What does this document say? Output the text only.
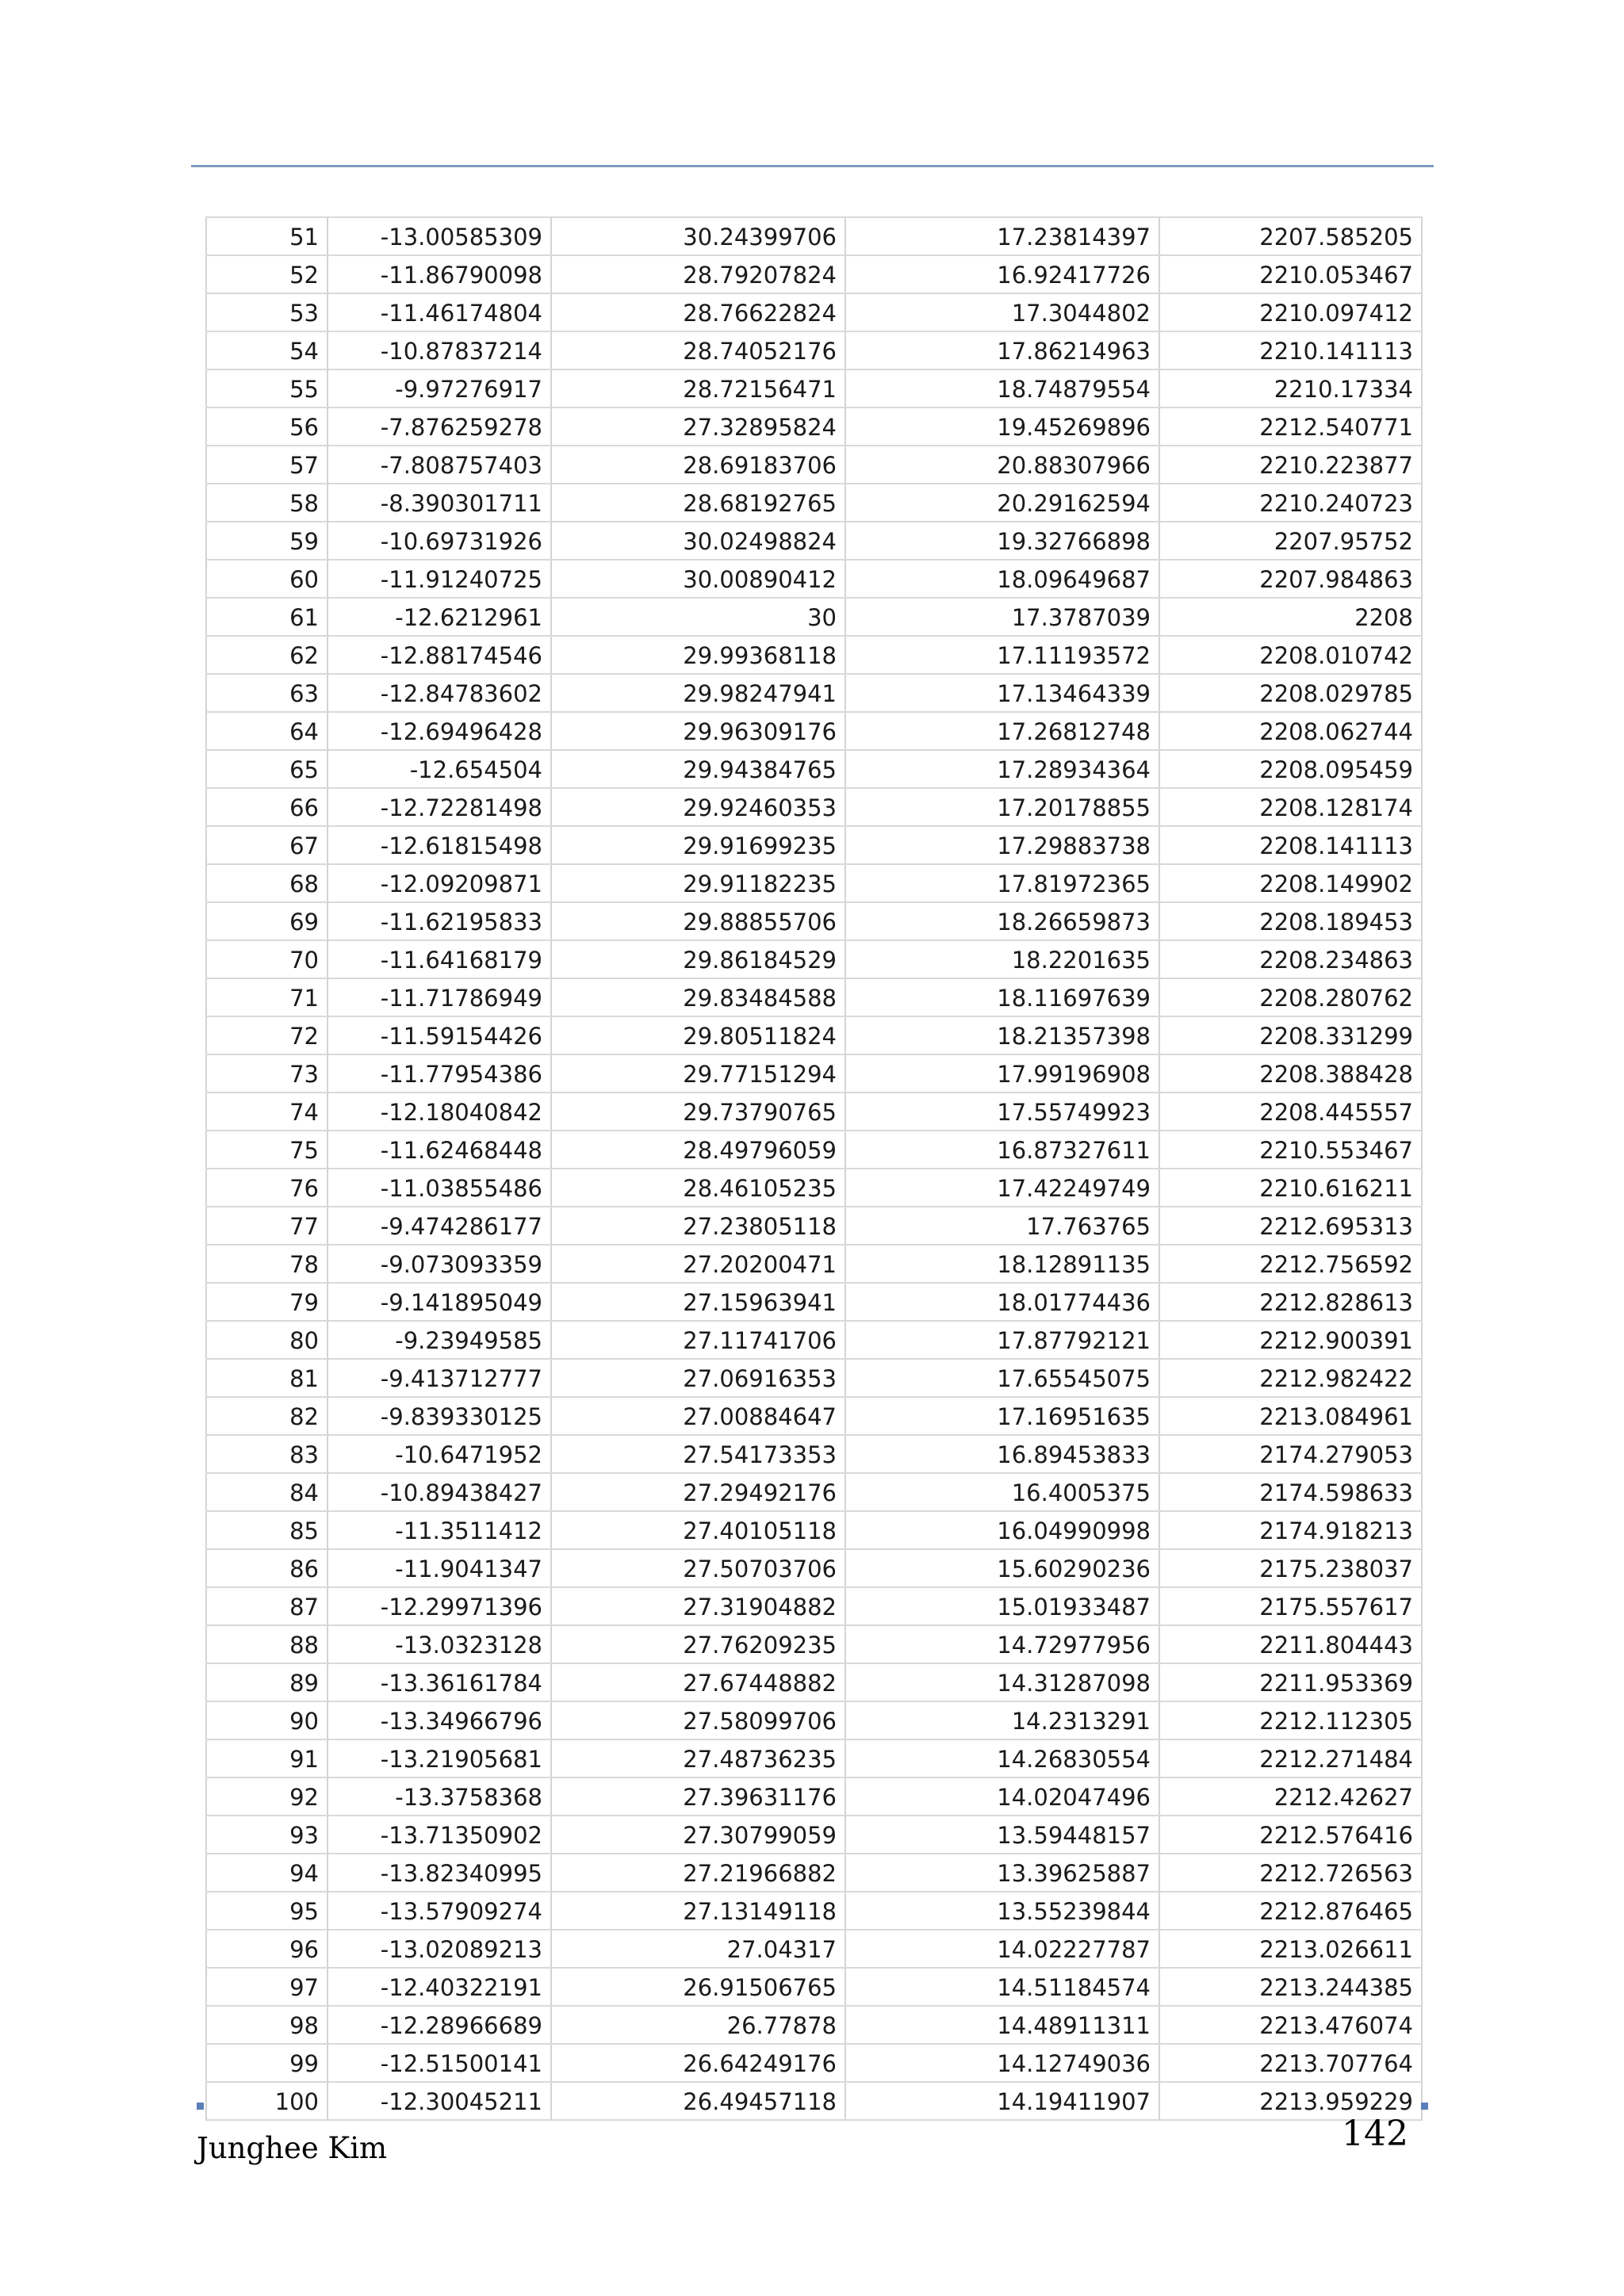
51	-13.00585309	30.24399706	17.23814397	2207.585205
52	-11.86790098	28.79207824	16.92417726	2210.053467
53	-11.46174804	28.76622824	17.3044802	2210.097412
54	-10.87837214	28.74052176	17.86214963	2210.141113
55	-9.97276917	28.72156471	18.74879554	2210.17334
56	-7.876259278	27.32895824	19.45269896	2212.540771
57	-7.808757403	28.69183706	20.88307966	2210.223877
58	-8.390301711	28.68192765	20.29162594	2210.240723
59	-10.69731926	30.02498824	19.32766898	2207.95752
60	-11.91240725	30.00890412	18.09649687	2207.984863
61	-12.6212961	30	17.3787039	2208
62	-12.88174546	29.99368118	17.11193572	2208.010742
63	-12.84783602	29.98247941	17.13464339	2208.029785
64	-12.69496428	29.96309176	17.26812748	2208.062744
65	-12.654504	29.94384765	17.28934364	2208.095459
66	-12.72281498	29.92460353	17.20178855	2208.128174
67	-12.61815498	29.91699235	17.29883738	2208.141113
68	-12.09209871	29.91182235	17.81972365	2208.149902
69	-11.62195833	29.88855706	18.26659873	2208.189453
70	-11.64168179	29.86184529	18.2201635	2208.234863
71	-11.71786949	29.83484588	18.11697639	2208.280762
72	-11.59154426	29.80511824	18.21357398	2208.331299
73	-11.77954386	29.77151294	17.99196908	2208.388428
74	-12.18040842	29.73790765	17.55749923	2208.445557
75	-11.62468448	28.49796059	16.87327611	2210.553467
76	-11.03855486	28.46105235	17.42249749	2210.616211
77	-9.474286177	27.23805118	17.763765	2212.695313
78	-9.073093359	27.20200471	18.12891135	2212.756592
79	-9.141895049	27.15963941	18.01774436	2212.828613
80	-9.23949585	27.11741706	17.87792121	2212.900391
81	-9.413712777	27.06916353	17.65545075	2212.982422
82	-9.839330125	27.00884647	17.16951635	2213.084961
83	-10.6471952	27.54173353	16.89453833	2174.279053
84	-10.89438427	27.29492176	16.4005375	2174.598633
85	-11.3511412	27.40105118	16.04990998	2174.918213
86	-11.9041347	27.50703706	15.60290236	2175.238037
87	-12.29971396	27.31904882	15.01933487	2175.557617
88	-13.0323128	27.76209235	14.72977956	2211.804443
89	-13.36161784	27.67448882	14.31287098	2211.953369
90	-13.34966796	27.58099706	14.2313291	2212.112305
91	-13.21905681	27.48736235	14.26830554	2212.271484
92	-13.3758368	27.39631176	14.02047496	2212.42627
93	-13.71350902	27.30799059	13.59448157	2212.576416
94	-13.82340995	27.21966882	13.39625887	2212.726563
95	-13.57909274	27.13149118	13.55239844	2212.876465
96	-13.02089213	27.04317	14.02227787	2213.026611
97	-12.40322191	26.91506765	14.51184574	2213.244385
98	-12.28966689	26.77878	14.48911311	2213.476074
99	-12.51500141	26.64249176	14.12749036	2213.707764
100	-12.30045211	26.49457118	14.19411907	2213.959229
Junghee Kim	142
